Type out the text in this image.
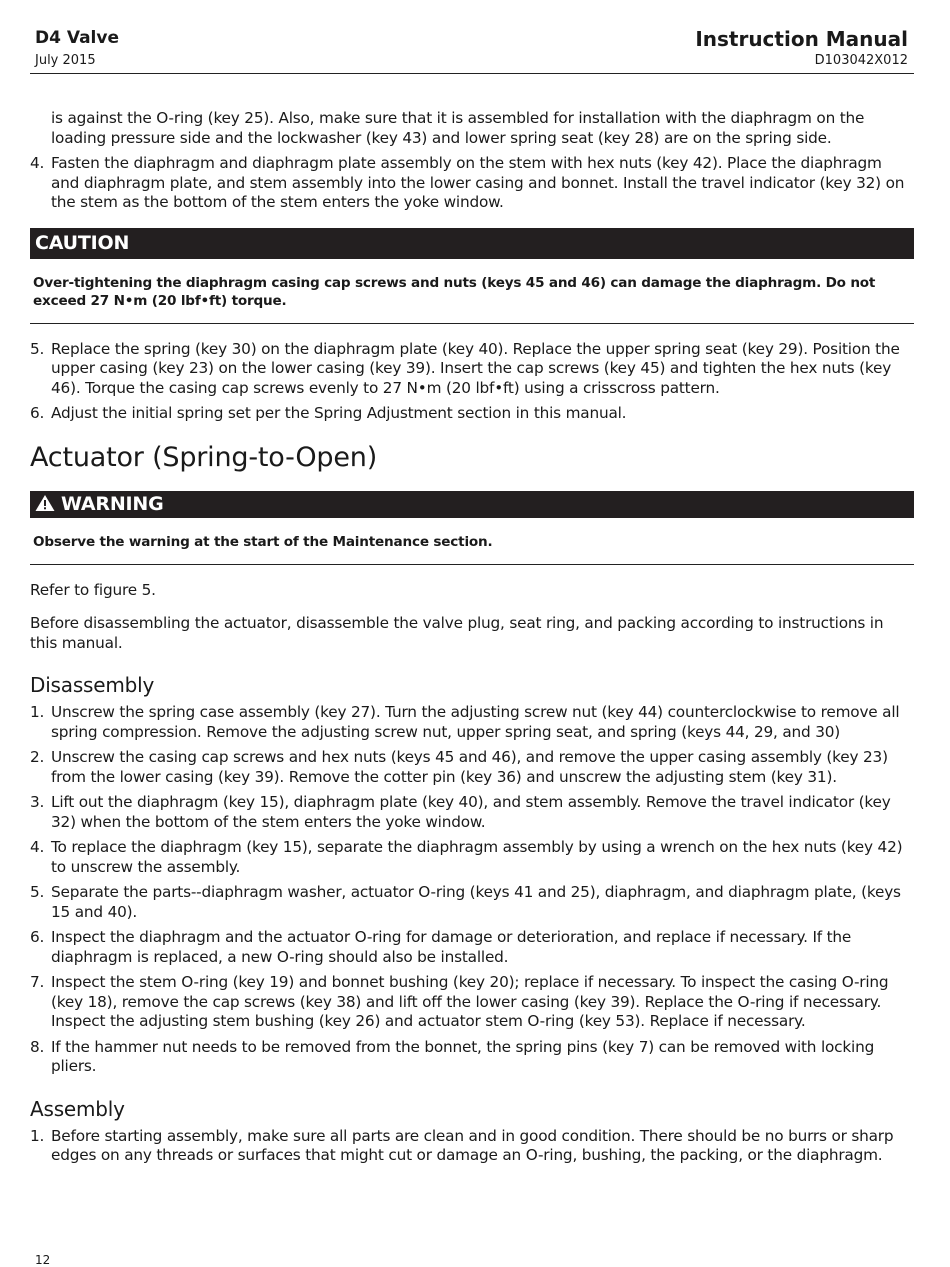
D4 Valve
July 2015
Instruction Manual
D103042X012
is against the O-ring (key 25). Also, make sure that it is assembled for installation with the diaphragm on the loading pressure side and the lockwasher (key 43) and lower spring seat (key 28) are on the spring side.
4. Fasten the diaphragm and diaphragm plate assembly on the stem with hex nuts (key 42). Place the diaphragm and diaphragm plate, and stem assembly into the lower casing and bonnet. Install the travel indicator (key 32) on the stem as the bottom of the stem enters the yoke window.
CAUTION
Over-tightening the diaphragm casing cap screws and nuts (keys 45 and 46) can damage the diaphragm. Do not exceed 27 N•m (20 lbf•ft) torque.
5. Replace the spring (key 30) on the diaphragm plate (key 40). Replace the upper spring seat (key 29). Position the upper casing (key 23) on the lower casing (key 39). Insert the cap screws (key 45) and tighten the hex nuts (key 46). Torque the casing cap screws evenly to 27 N•m (20 lbf•ft) using a crisscross pattern.
6. Adjust the initial spring set per the Spring Adjustment section in this manual.
Actuator (Spring-to-Open)
WARNING
Observe the warning at the start of the Maintenance section.
Refer to figure 5.
Before disassembling the actuator, disassemble the valve plug, seat ring, and packing according to instructions in this manual.
Disassembly
1. Unscrew the spring case assembly (key 27). Turn the adjusting screw nut (key 44) counterclockwise to remove all spring compression. Remove the adjusting screw nut, upper spring seat, and spring (keys 44, 29, and 30)
2. Unscrew the casing cap screws and hex nuts (keys 45 and 46), and remove the upper casing assembly (key 23) from the lower casing (key 39). Remove the cotter pin (key 36) and unscrew the adjusting stem (key 31).
3. Lift out the diaphragm (key 15), diaphragm plate (key 40), and stem assembly. Remove the travel indicator (key 32) when the bottom of the stem enters the yoke window.
4. To replace the diaphragm (key 15), separate the diaphragm assembly by using a wrench on the hex nuts (key 42) to unscrew the assembly.
5. Separate the parts--diaphragm washer, actuator O-ring (keys 41 and 25), diaphragm, and diaphragm plate, (keys 15 and 40).
6. Inspect the diaphragm and the actuator O-ring for damage or deterioration, and replace if necessary. If the diaphragm is replaced, a new O-ring should also be installed.
7. Inspect the stem O-ring (key 19) and bonnet bushing (key 20); replace if necessary. To inspect the casing O-ring (key 18), remove the cap screws (key 38) and lift off the lower casing (key 39). Replace the O-ring if necessary. Inspect the adjusting stem bushing (key 26) and actuator stem O-ring (key 53). Replace if necessary.
8. If the hammer nut needs to be removed from the bonnet, the spring pins (key 7) can be removed with locking pliers.
Assembly
1. Before starting assembly, make sure all parts are clean and in good condition. There should be no burrs or sharp edges on any threads or surfaces that might cut or damage an O-ring, bushing, the packing, or the diaphragm.
12
